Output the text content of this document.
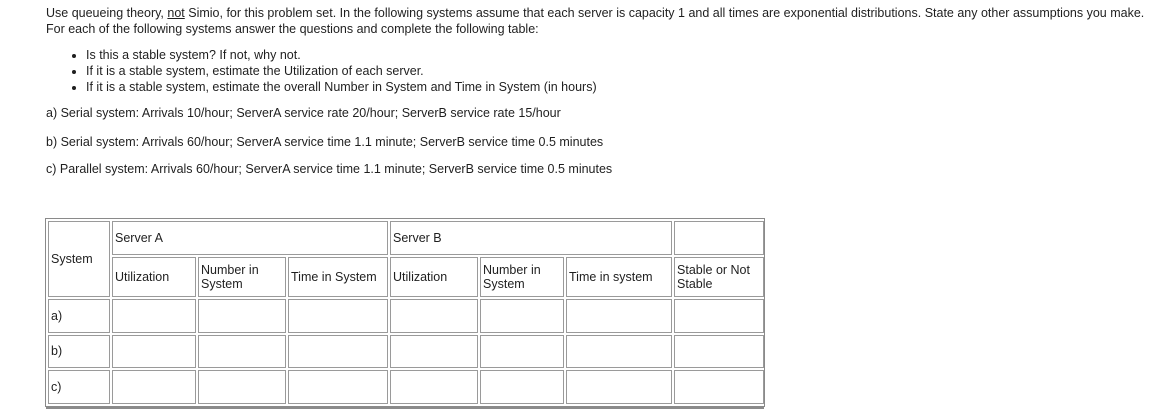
Use queueing theory, not Simio, for this problem set. In the following systems assume that each server is capacity 1 and all times are exponential distributions. State any other assumptions you make. For each of the following systems answer the questions and complete the following table:

• Is this a stable system? If not, why not.
• If it is a stable system, estimate the Utilization of each server.
• If it is a stable system, estimate the overall Number in System and Time in System (in hours)

a) Serial system: Arrivals 10/hour; ServerA service rate 20/hour; ServerB service rate 15/hour

b) Serial system: Arrivals 60/hour; ServerA service time 1.1 minute; ServerB service time 0.5 minutes

c) Parallel system: Arrivals 60/hour; ServerA service time 1.1 minute; ServerB service time 0.5 minutes

System	Server A			Server B			
	Utilization	Number in System	Time in System	Utilization	Number in System	Time in system	Stable or Not Stable
a)							
b)							
c)							
